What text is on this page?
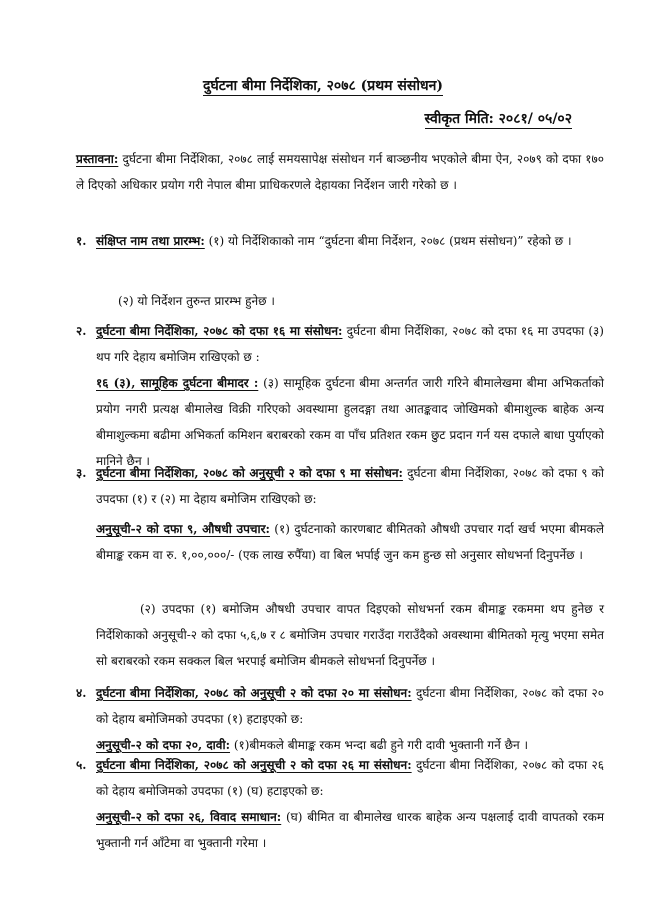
दुर्घटना बीमा निर्देशिका, २०७८ (प्रथम संसोधन)
स्वीकृत मिति: २०८१/ ०५/०२
प्रस्तावना: दुर्घटना बीमा निर्देशिका, २०७८ लाई समयसापेक्ष संसोधन गर्न बाञ्छनीय भएकोले बीमा ऐन, २०७९ को दफा १७० ले दिएको अधिकार प्रयोग गरी नेपाल बीमा प्राधिकरणले देहायका निर्देशन जारी गरेको छ ।
१. संक्षिप्त नाम तथा प्रारम्भ: (१) यो निर्देशिकाको नाम “दुर्घटना बीमा निर्देशन, २०७८ (प्रथम संसोधन)” रहेको छ ।
(२) यो निर्देशन तुरुन्त प्रारम्भ हुनेछ ।
२. दुर्घटना बीमा निर्देशिका, २०७८ को दफा १६ मा संसोधन: दुर्घटना बीमा निर्देशिका, २०७८ को दफा १६ मा उपदफा (३) थप गरि देहाय बमोजिम राखिएको छ :
१६ (३), सामूहिक दुर्घटना बीमादर : (३) सामूहिक दुर्घटना बीमा अन्तर्गत जारी गरिने बीमालेखमा बीमा अभिकर्ताको प्रयोग नगरी प्रत्यक्ष बीमालेख विक्री गरिएको अवस्थामा हुलदङ्गा तथा आतङ्कवाद जोखिमको बीमाशुल्क बाहेक अन्य बीमाशुल्कमा बढीमा अभिकर्ता कमिशन बराबरको रकम वा पाँच प्रतिशत रकम छुट प्रदान गर्न यस दफाले बाधा पुर्याएको मानिने छैन ।
३. दुर्घटना बीमा निर्देशिका, २०७८ को अनुसूची २ को दफा ९ मा संसोधन: दुर्घटना बीमा निर्देशिका, २०७८ को दफा ९ को उपदफा (१) र (२) मा देहाय बमोजिम राखिएको छ:
अनुसूची-२ को दफा ९, औषधी उपचार: (१) दुर्घटनाको कारणबाट बीमितको औषधी उपचार गर्दा खर्च भएमा बीमकले बीमाङ्क रकम वा रु. १,००,०००/- (एक लाख रुपैँया) वा बिल भर्पाई जुन कम हुन्छ सो अनुसार सोधभर्ना दिनुपर्नेछ ।
(२) उपदफा (१) बमोजिम औषधी उपचार वापत दिइएको सोधभर्ना रकम बीमाङ्क रकममा थप हुनेछ र निर्देशिकाको अनुसूची-२ को दफा ५,६,७ र ८ बमोजिम उपचार गराउँदा गराउँदैको अवस्थामा बीमितको मृत्यु भएमा समेत सो बराबरको रकम सक्कल बिल भरपाई बमोजिम बीमकले सोधभर्ना दिनुपर्नेछ ।
४. दुर्घटना बीमा निर्देशिका, २०७८ को अनुसूची २ को दफा २० मा संसोधन: दुर्घटना बीमा निर्देशिका, २०७८ को दफा २० को देहाय बमोजिमको उपदफा (१) हटाइएको छ:
अनुसूची-२ को दफा २०, दावी: (१)बीमकले बीमाङ्क रकम भन्दा बढी हुने गरी दावी भुक्तानी गर्ने छैन ।
५. दुर्घटना बीमा निर्देशिका, २०७८ को अनुसूची २ को दफा २६ मा संसोधन: दुर्घटना बीमा निर्देशिका, २०७८ को दफा २६ को देहाय बमोजिमको उपदफा (१) (घ) हटाइएको छ:
अनुसूची-२ को दफा २६, विवाद समाधान: (घ) बीमित वा बीमालेख धारक बाहेक अन्य पक्षलाई दावी वापतको रकम भुक्तानी गर्न आँटेमा वा भुक्तानी गरेमा ।
